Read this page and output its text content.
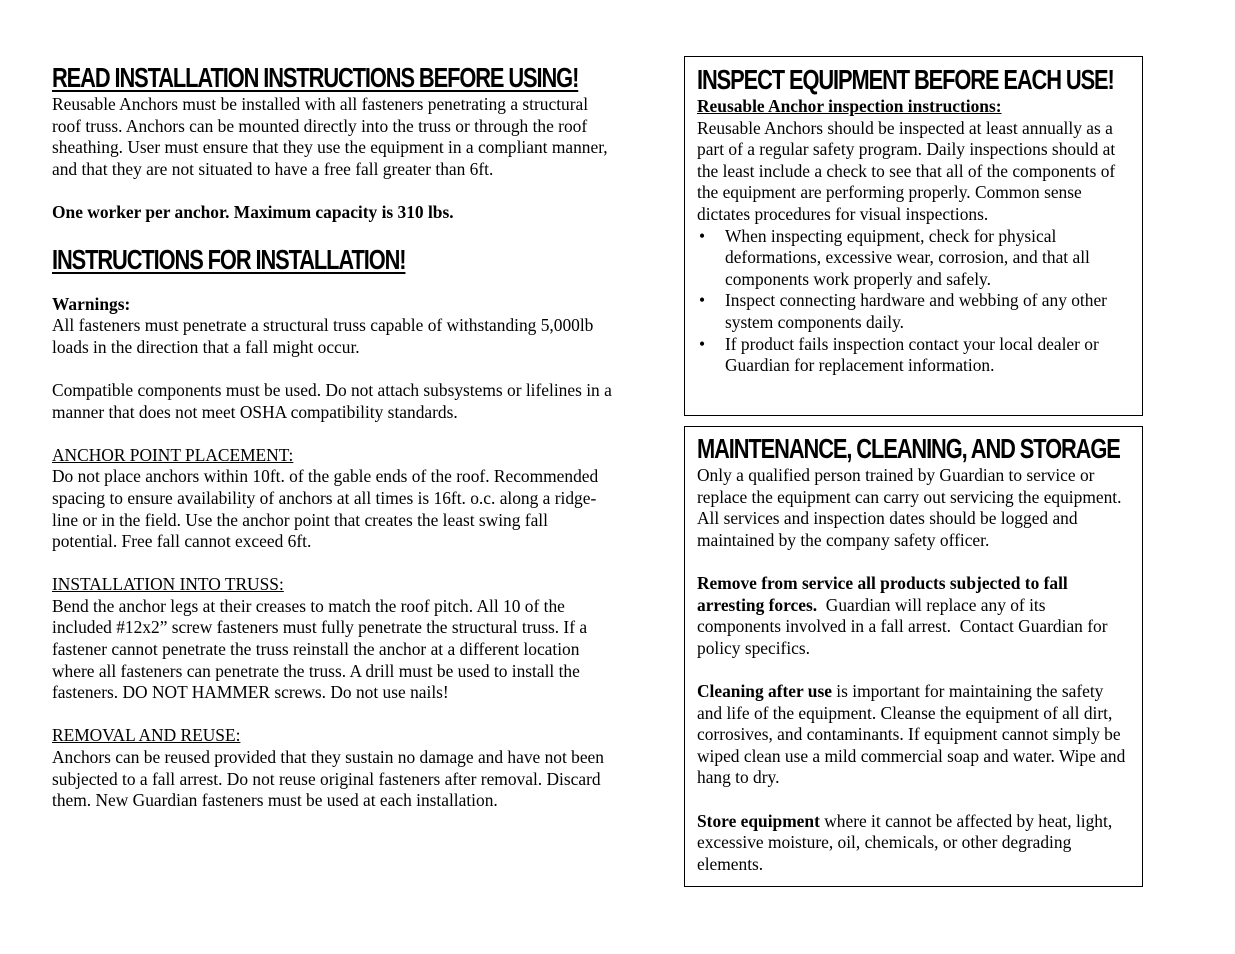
READ INSTALLATION INSTRUCTIONS BEFORE USING!

Reusable Anchors must be installed with all fasteners penetrating a structural roof truss. Anchors can be mounted directly into the truss or through the roof sheathing. User must ensure that they use the equipment in a compliant manner, and that they are not situated to have a free fall greater than 6ft.

One worker per anchor. Maximum capacity is 310 lbs.

INSTRUCTIONS FOR INSTALLATION!

Warnings:

All fasteners must penetrate a structural truss capable of withstanding 5,000lb loads in the direction that a fall might occur.

Compatible components must be used. Do not attach subsystems or lifelines in a manner that does not meet OSHA compatibility standards.

ANCHOR POINT PLACEMENT:

Do not place anchors within 10ft. of the gable ends of the roof. Recommended spacing to ensure availability of anchors at all times is 16ft. o.c. along a ridge-line or in the field. Use the anchor point that creates the least swing fall potential. Free fall cannot exceed 6ft.

INSTALLATION INTO TRUSS:

Bend the anchor legs at their creases to match the roof pitch. All 10 of the included #12x2” screw fasteners must fully penetrate the structural truss. If a fastener cannot penetrate the truss reinstall the anchor at a different location where all fasteners can penetrate the truss. A drill must be used to install the fasteners. DO NOT HAMMER screws. Do not use nails!

REMOVAL AND REUSE:

Anchors can be reused provided that they sustain no damage and have not been subjected to a fall arrest. Do not reuse original fasteners after removal. Discard them. New Guardian fasteners must be used at each installation.

INSPECT EQUIPMENT BEFORE EACH USE!

Reusable Anchor inspection instructions:

Reusable Anchors should be inspected at least annually as a part of a regular safety program. Daily inspections should at the least include a check to see that all of the components of the equipment are performing properly. Common sense dictates procedures for visual inspections.

• When inspecting equipment, check for physical deformations, excessive wear, corrosion, and that all components work properly and safely.
• Inspect connecting hardware and webbing of any other system components daily.
• If product fails inspection contact your local dealer or Guardian for replacement information.
MAINTENANCE, CLEANING, AND STORAGE

Only a qualified person trained by Guardian to service or replace the equipment can carry out servicing the equipment. All services and inspection dates should be logged and maintained by the company safety officer.

Remove from service all products subjected to fall arresting forces.  Guardian will replace any of its components involved in a fall arrest.  Contact Guardian for policy specifics.

Cleaning after use is important for maintaining the safety and life of the equipment. Cleanse the equipment of all dirt, corrosives, and contaminants. If equipment cannot simply be wiped clean use a mild commercial soap and water. Wipe and hang to dry.

Store equipment where it cannot be affected by heat, light, excessive moisture, oil, chemicals, or other degrading elements.
